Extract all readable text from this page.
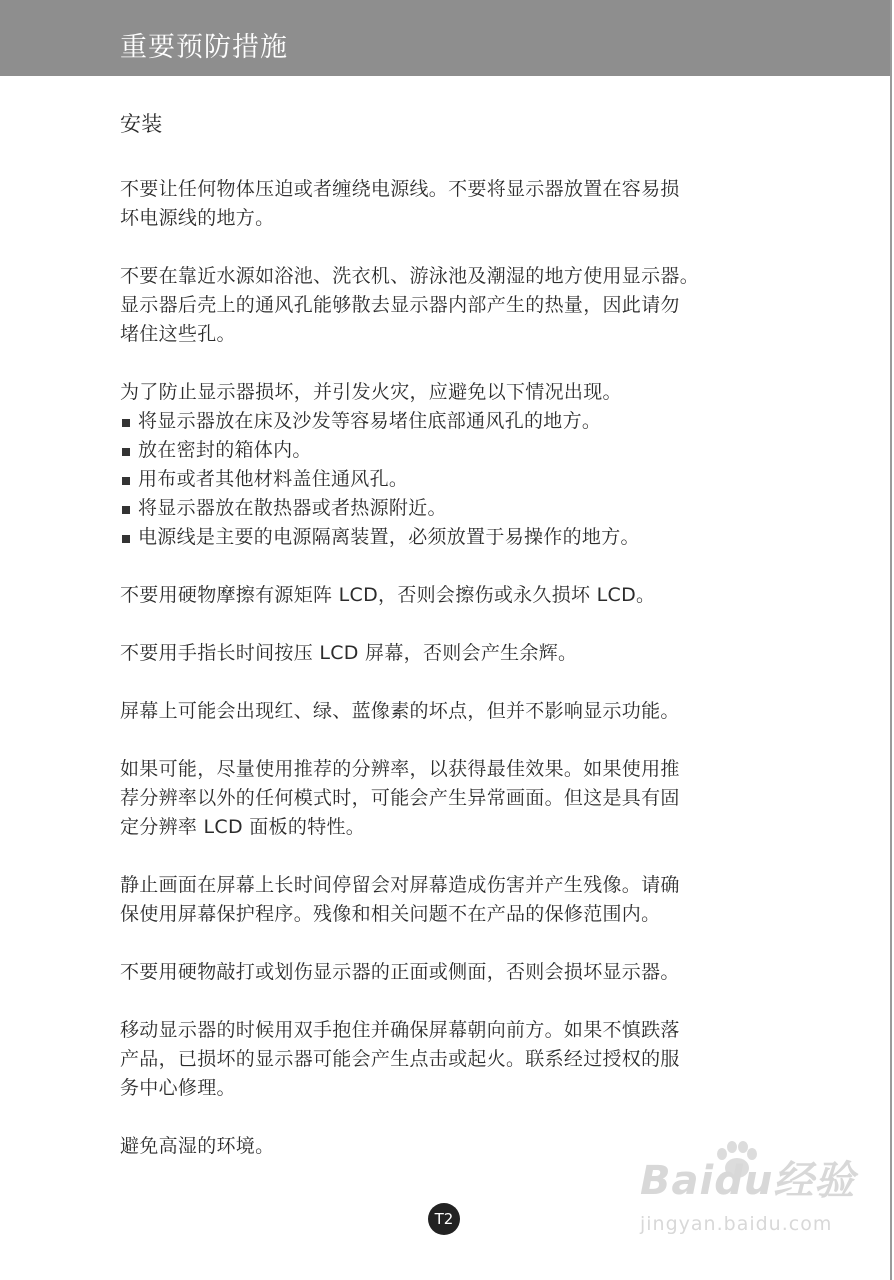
重要预防措施
安装
不要让任何物体压迫或者缠绕电源线。不要将显示器放置在容易损
坏电源线的地方。
不要在靠近水源如浴池、洗衣机、游泳池及潮湿的地方使用显示器。
显示器后壳上的通风孔能够散去显示器内部产生的热量，因此请勿
堵住这些孔。
为了防止显示器损坏，并引发火灾，应避免以下情况出现。
将显示器放在床及沙发等容易堵住底部通风孔的地方。
放在密封的箱体内。
用布或者其他材料盖住通风孔。
将显示器放在散热器或者热源附近。
电源线是主要的电源隔离装置，必须放置于易操作的地方。
不要用硬物摩擦有源矩阵 LCD，否则会擦伤或永久损坏 LCD。
不要用手指长时间按压 LCD 屏幕，否则会产生余辉。
屏幕上可能会出现红、绿、蓝像素的坏点，但并不影响显示功能。
如果可能，尽量使用推荐的分辨率，以获得最佳效果。如果使用推
荐分辨率以外的任何模式时，可能会产生异常画面。但这是具有固
定分辨率 LCD 面板的特性。
静止画面在屏幕上长时间停留会对屏幕造成伤害并产生残像。请确
保使用屏幕保护程序。残像和相关问题不在产品的保修范围内。
不要用硬物敲打或划伤显示器的正面或侧面，否则会损坏显示器。
移动显示器的时候用双手抱住并确保屏幕朝向前方。如果不慎跌落
产品，已损坏的显示器可能会产生点击或起火。联系经过授权的服
务中心修理。
避免高湿的环境。
T2
Baidu经验
jingyan.baidu.com
